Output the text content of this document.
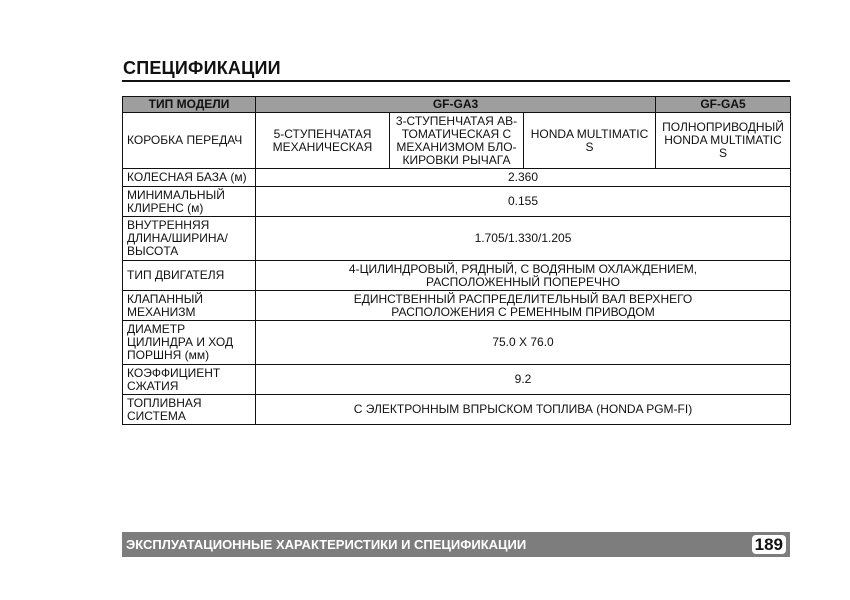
СПЕЦИФИКАЦИИ
ТИП МОДЕЛИ	GF-GA3			GF-GA5
КОРОБКА ПЕРЕДАЧ	5-СТУПЕНЧАТАЯ МЕХАНИЧЕСКАЯ	3-СТУПЕНЧАТАЯ АВ-ТОМАТИЧЕСКАЯ С МЕХАНИЗМОМ БЛО-КИРОВКИ РЫЧАГА	HONDA MULTIMATIC S	ПОЛНОПРИВОДНЫЙ HONDA MULTIMATIC S
КОЛЕСНАЯ БАЗА (м)	2.360			
МИНИМАЛЬНЫЙ КЛИРЕНС (м)	0.155			
ВНУТРЕННЯЯ ДЛИНА/ШИРИНА/ ВЫСОТА	1.705/1.330/1.205			
ТИП ДВИГАТЕЛЯ	4-ЦИЛИНДРОВЫЙ, РЯДНЫЙ, С ВОДЯНЫМ ОХЛАЖДЕНИЕМ, РАСПОЛОЖЕННЫЙ ПОПЕРЕЧНО			
КЛАПАННЫЙ МЕХАНИЗМ	ЕДИНСТВЕННЫЙ РАСПРЕДЕЛИТЕЛЬНЫЙ ВАЛ ВЕРХНЕГО РАСПОЛОЖЕНИЯ С РЕМЕННЫМ ПРИВОДОМ			
ДИАМЕТР ЦИЛИНДРА И ХОД ПОРШНЯ (мм)	75.0 X 76.0			
КОЭФФИЦИЕНТ СЖАТИЯ	9.2			
ТОПЛИВНАЯ СИСТЕМА	С ЭЛЕКТРОННЫМ ВПРЫСКОМ ТОПЛИВА (HONDA PGM-FI)			
ЭКСПЛУАТАЦИОННЫЕ ХАРАКТЕРИСТИКИ И СПЕЦИФИКАЦИИ	189
